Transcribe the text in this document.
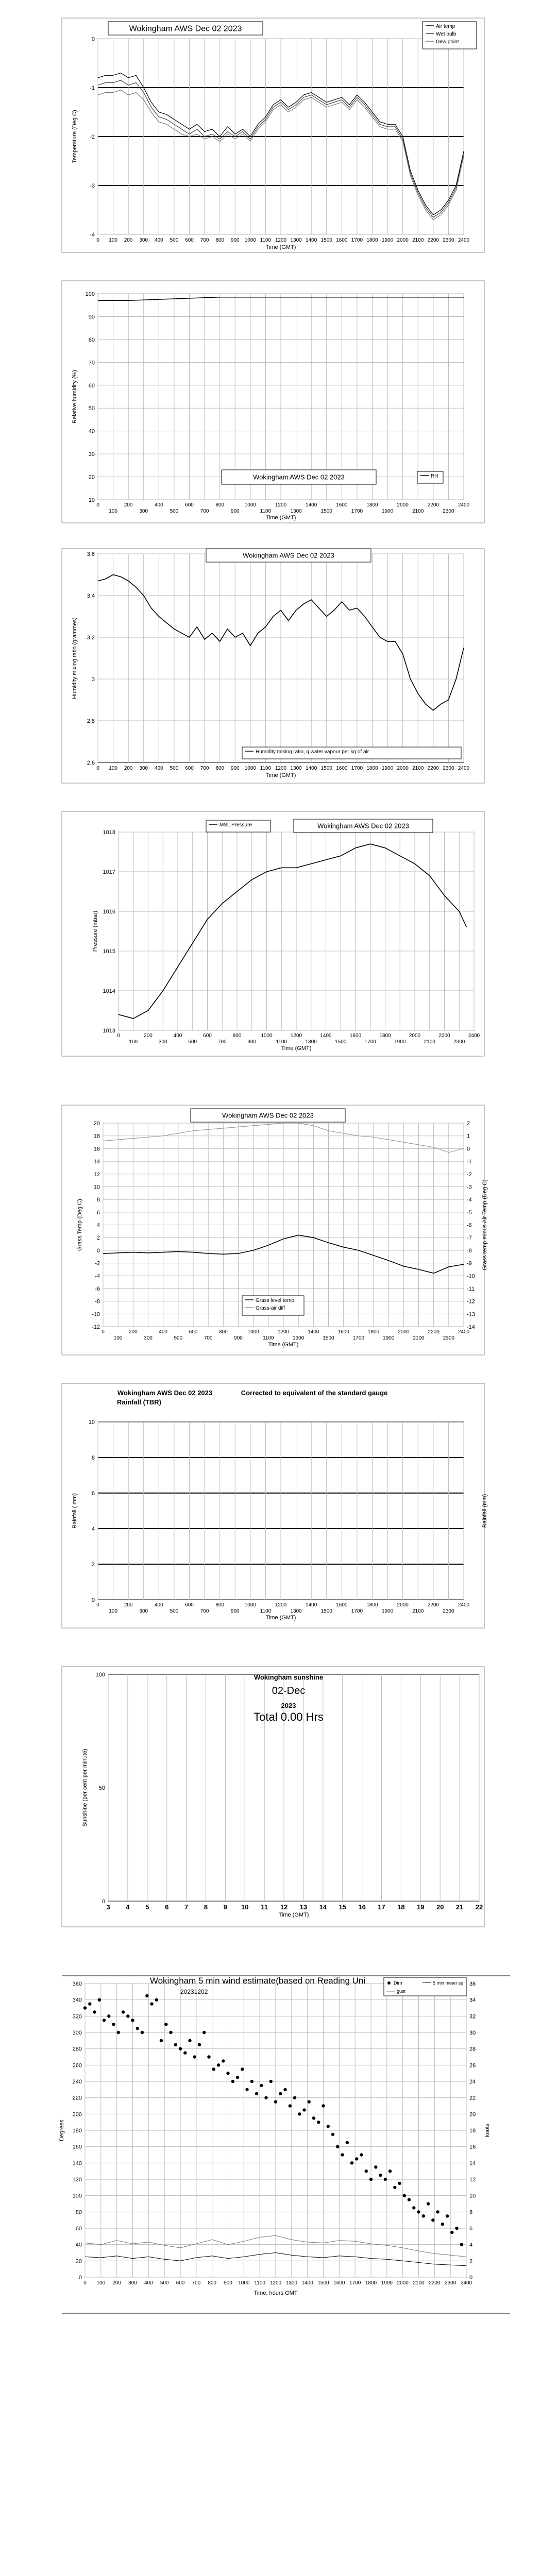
0
-1
-2
-3
-4
0 100 200 300 400 500 600 700 800 900 1000 1100 1200 1300 1400 1500 1600 1700 1800 1900 2000 2100 2200 2300 2400
Time (GMT)
Temperature (Deg C)
Wokingham AWS Dec 02 2023	Air temp
Wet bulb
Dew point
100
90
80
70
60
50
40
30
20
10
0	200	400	600	800	1000	1200	1400	1600	1800	2000	2200	2400
100	300	500	700	900	1100	1300	1500	1700	1900	2100	2300
Time (GMT)
Relative humidity (%)
Wokingham AWS Dec 02 2023	RH
3.6
3.4
3.2
3
2.8
2.6
0 100 200 300 400 500 600 700 800 900 1000 1100 1200 1300 1400 1500 1600 1700 1800 1900 2000 2100 2200 2300 2400
Time (GMT)
Humidity mixing ratio (grammes)
Wokingham AWS Dec 02 2023
Humidity mixing ratio, g water vapour per kg of air
1018
1017
1016
1015
1014
1013
0	200	400	600	800	1000	1200	1400	1600	1800	2000	2200	2400
100	300	500	700	900	1100	1300	1500	1700	1900	2100	2300
Time (GMT)
Pressure (mbar)
MSL Pressure	Wokingham AWS Dec 02 2023
20
18
16
14
12
10
8
6
4
2
0
-2
-4
-6
-8
-10
-12
2
1
0
-1
-2
-3
-4
-5
-6
-7
-8
-9
-10
-11
-12
-13
-14
0	200	400	600	800	1000	1200	1400	1600	1800	2000	2200	2400
100	300	500	700	900	1100	1300	1500	1700	1900	2100	2300
Time (GMT)
Grass Temp (Deg C)	Grass temp minus Air Temp (Deg C)
Wokingham AWS Dec 02 2023
Grass level temp
Grass-air diff
10
8
6
4
2
0
0	200	400	600	800	1000	1200	1400	1600	1800	2000	2200	2400
100	300	500	700	900	1100	1300	1500	1700	1900	2100	2300
Time (GMT)
Rainfall ( mm)	Rainfall (mm)
Wokingham AWS Dec 02 2023
Rainfall (TBR)
Corrected to equivalent of the standard gauge
3 4 5 6 7 8 9 10 11 12 13 14 15 16 17 18 19 20 21 22
100
50
0
Time (GMT)
Sunshine (per cent per minute)
Wokingham sunshine
02-Dec
2023
Total 0.00 Hrs
360
340
320
300
280
260
240
220
200
180
160
140
120
100
80
60
40
20
0
36
34
32
30
28
26
24
22
20
18
16
14
12
10
8
6
4
2
0
0 100 200 300 400 500 600 700 800 900 1000 1100 1200 1300 1400 1500 1600 1700 1800 1900 2000 2100 2200 2300 2400
Time, hours GMT
Degrees	knots
Wokingham 5 min wind estimate(based on Reading Uni
20231202
Dirn	5 min mean sp
gust
